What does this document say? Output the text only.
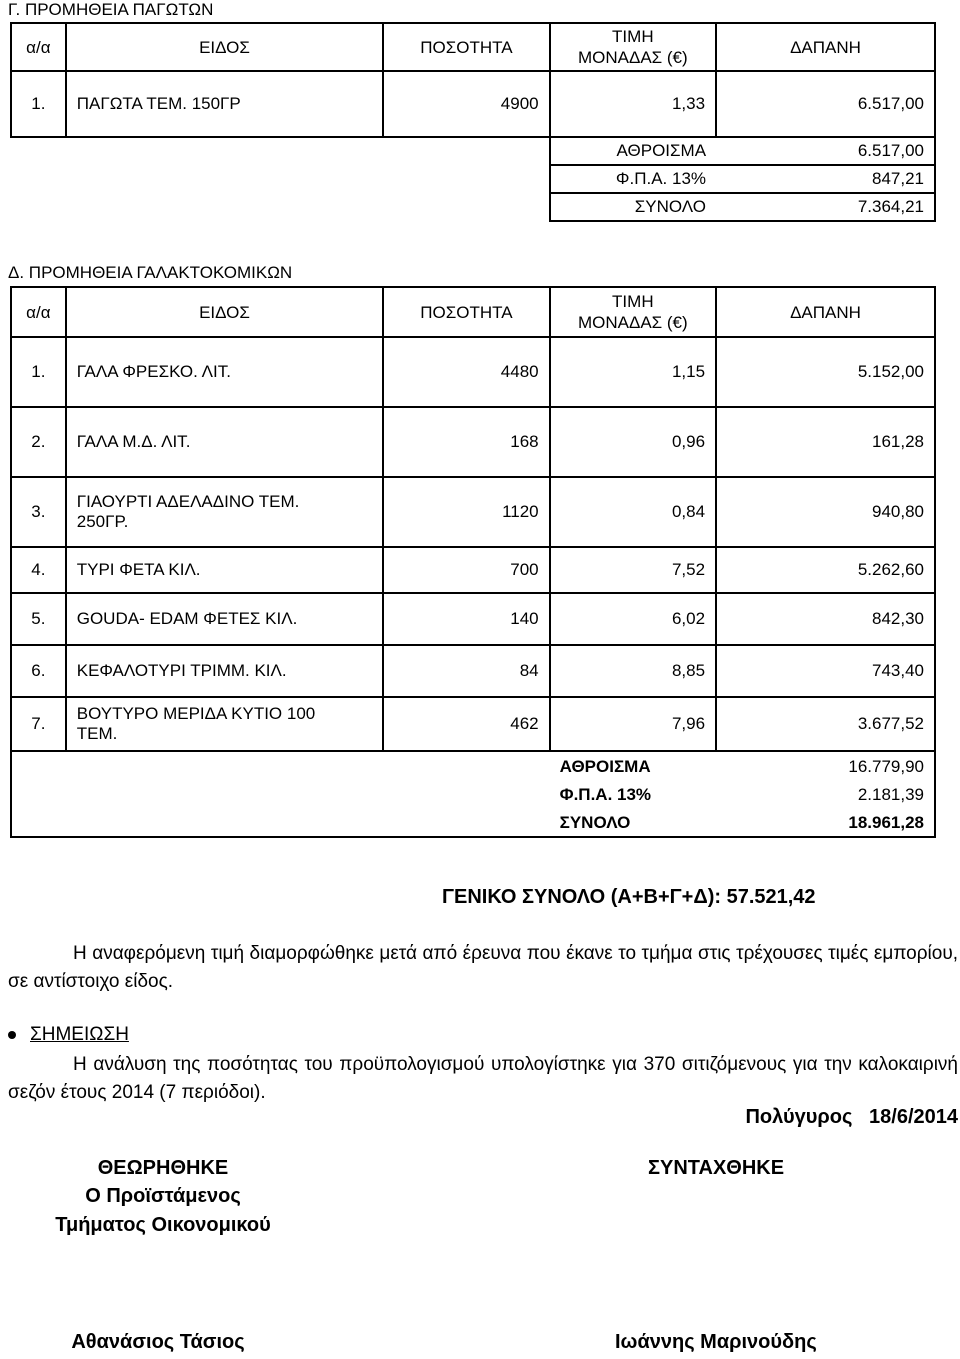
Γ. ΠΡΟΜΗΘΕΙΑ ΠΑΓΩΤΩΝ
α/α	ΕΙΔΟΣ	ΠΟΣΟΤΗΤΑ	ΤΙΜΗ
ΜΟΝΑΔΑΣ (€)	ΔΑΠΑΝΗ
1.	ΠΑΓΩΤΑ ΤΕΜ. 150ΓΡ	4900	1,33	6.517,00
			ΑΘΡΟΙΣΜΑ	6.517,00
			Φ.Π.Α. 13%	847,21
			ΣΥΝΟΛΟ	7.364,21
Δ. ΠΡΟΜΗΘΕΙΑ ΓΑΛΑΚΤΟΚΟΜΙΚΩΝ
α/α	ΕΙΔΟΣ	ΠΟΣΟΤΗΤΑ	ΤΙΜΗ
ΜΟΝΑΔΑΣ (€)	ΔΑΠΑΝΗ
1.	ΓΑΛΑ ΦΡΕΣΚΟ. ΛΙΤ.	4480	1,15	5.152,00
2.	ΓΑΛΑ Μ.Δ. ΛΙΤ.	168	0,96	161,28
3.	ΓΙΑΟΥΡΤΙ ΑΔΕΛΑΔΙΝΟ ΤΕΜ.
250ΓΡ.	1120	0,84	940,80
4.	ΤΥΡΙ ΦΕΤΑ ΚΙΛ.	700	7,52	5.262,60
5.	GOUDA- EDAM ΦΕΤΕΣ ΚΙΛ.	140	6,02	842,30
6.	ΚΕΦΑΛΟΤΥΡΙ ΤΡΙΜΜ. ΚΙΛ.	84	8,85	743,40
7.	ΒΟΥΤΥΡΟ ΜΕΡΙΔΑ ΚΥΤΙΟ 100
ΤΕΜ.	462	7,96	3.677,52
			ΑΘΡΟΙΣΜΑ	16.779,90
			Φ.Π.Α. 13%	2.181,39
			ΣΥΝΟΛΟ	18.961,28
ΓΕΝΙΚΟ ΣΥΝΟΛΟ (Α+Β+Γ+Δ): 57.521,42
Η αναφερόμενη τιμή διαμορφώθηκε μετά από έρευνα που έκανε το τμήμα στις τρέχουσες τιμές εμπορίου, σε αντίστοιχο είδος.
ΣΗΜΕΙΩΣΗ
Η ανάλυση της ποσότητας του προϋπολογισμού υπολογίστηκε για 370 σιτιζόμενους για την καλοκαιρινή σεζόν έτους 2014 (7 περιόδοι).
Πολύγυρος   18/6/2014
ΘΕΩΡΗΘΗΚΕ
Ο Προϊστάμενος
Τμήματος Οικονομικού
Αθανάσιος Τάσιος
ΣΥΝΤΑΧΘΗΚΕ
Ιωάννης Μαρινούδης
